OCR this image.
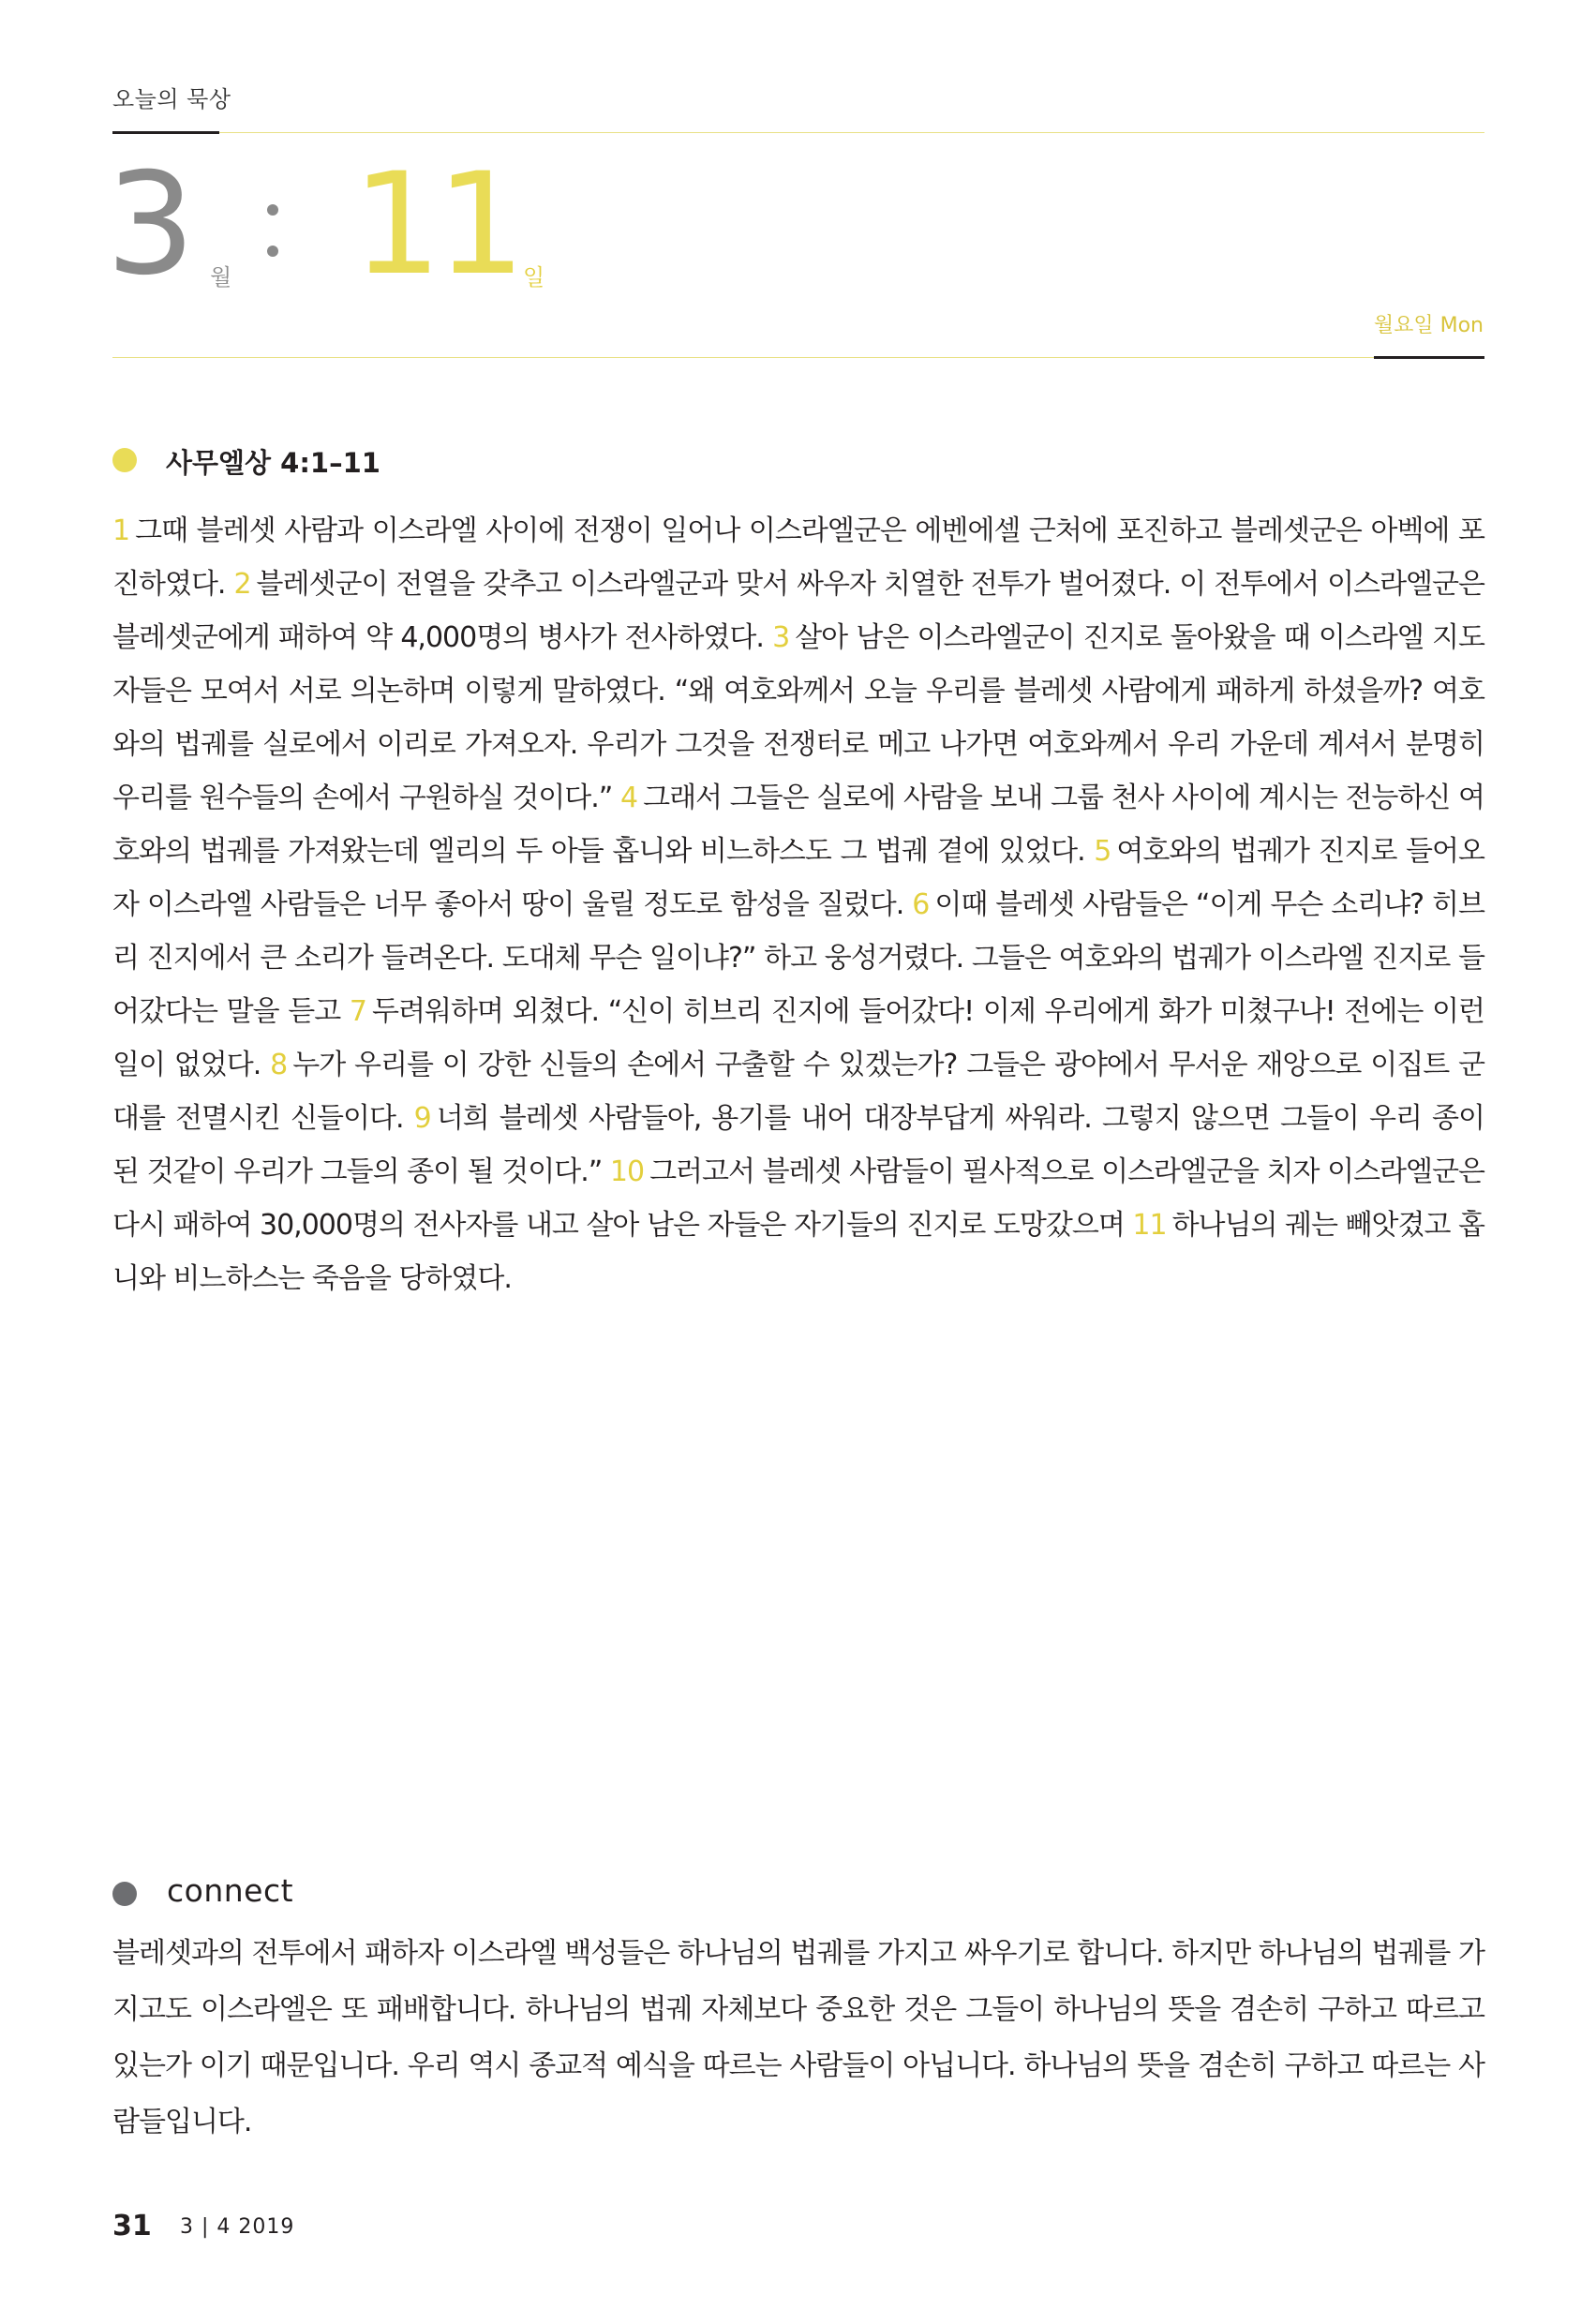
오늘의 묵상
3 월 11 일
월요일 Mon
사무엘상 4:1–11
1 그때 블레셋 사람과 이스라엘 사이에 전쟁이 일어나 이스라엘군은 에벤에셀 근처에 포진하고 블레셋군은 아벡에 포진하였다. 2 블레셋군이 전열을 갖추고 이스라엘군과 맞서 싸우자 치열한 전투가 벌어졌다. 이 전투에서 이스라엘군은 블레셋군에게 패하여 약 4,000명의 병사가 전사하였다. 3 살아 남은 이스라엘군이 진지로 돌아왔을 때 이스라엘 지도자들은 모여서 서로 의논하며 이렇게 말하였다. “왜 여호와께서 오늘 우리를 블레셋 사람에게 패하게 하셨을까? 여호와의 법궤를 실로에서 이리로 가져오자. 우리가 그것을 전쟁터로 메고 나가면 여호와께서 우리 가운데 계셔서 분명히 우리를 원수들의 손에서 구원하실 것이다.” 4 그래서 그들은 실로에 사람을 보내 그룹 천사 사이에 계시는 전능하신 여호와의 법궤를 가져왔는데 엘리의 두 아들 홉니와 비느하스도 그 법궤 곁에 있었다. 5 여호와의 법궤가 진지로 들어오자 이스라엘 사람들은 너무 좋아서 땅이 울릴 정도로 함성을 질렀다. 6 이때 블레셋 사람들은 “이게 무슨 소리냐? 히브리 진지에서 큰 소리가 들려온다. 도대체 무슨 일이냐?” 하고 웅성거렸다. 그들은 여호와의 법궤가 이스라엘 진지로 들어갔다는 말을 듣고 7 두려워하며 외쳤다. “신이 히브리 진지에 들어갔다! 이제 우리에게 화가 미쳤구나! 전에는 이런 일이 없었다. 8 누가 우리를 이 강한 신들의 손에서 구출할 수 있겠는가? 그들은 광야에서 무서운 재앙으로 이집트 군대를 전멸시킨 신들이다. 9 너희 블레셋 사람들아, 용기를 내어 대장부답게 싸워라. 그렇지 않으면 그들이 우리 종이 된 것같이 우리가 그들의 종이 될 것이다.” 10 그러고서 블레셋 사람들이 필사적으로 이스라엘군을 치자 이스라엘군은 다시 패하여 30,000명의 전사자를 내고 살아 남은 자들은 자기들의 진지로 도망갔으며 11 하나님의 궤는 빼앗겼고 홉니와 비느하스는 죽음을 당하였다.
connect
블레셋과의 전투에서 패하자 이스라엘 백성들은 하나님의 법궤를 가지고 싸우기로 합니다. 하지만 하나님의 법궤를 가지고도 이스라엘은 또 패배합니다. 하나님의 법궤 자체보다 중요한 것은 그들이 하나님의 뜻을 겸손히 구하고 따르고 있는가 이기 때문입니다. 우리 역시 종교적 예식을 따르는 사람들이 아닙니다. 하나님의 뜻을 겸손히 구하고 따르는 사람들입니다.
31 3 | 4 2019
